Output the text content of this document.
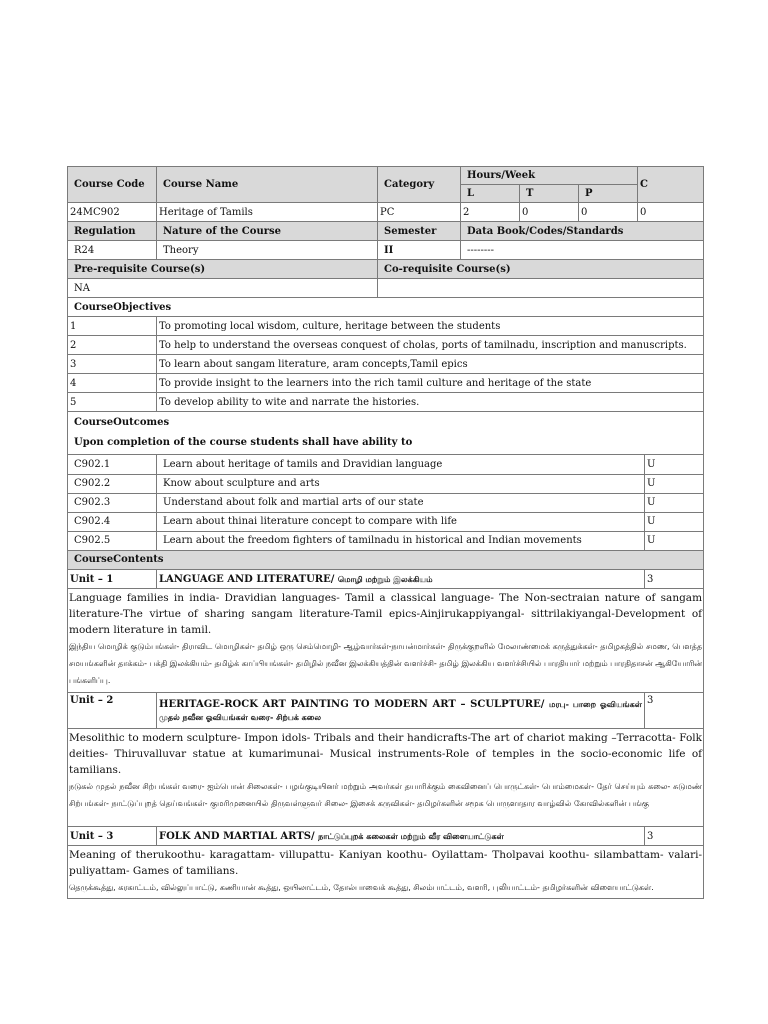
Course Code	Course Name	Category	Hours/Week			C
			L	T	P	
24MC902	Heritage of Tamils	PC	2	0	0	0
Regulation	Nature of the Course	Semester	Data Book/Codes/Standards			
R24	Theory	II	--------			
Pre-requisite Course(s)		Co-requisite Course(s)				
NA						
CourseObjectives						
1	To promoting local wisdom, culture, heritage between the students					
2	To help to understand the overseas conquest of cholas, ports of tamilnadu, inscription and manuscripts.					
3	To learn about sangam literature, aram concepts,Tamil epics					
4	To provide insight to the learners into the rich tamil culture and heritage of the state					
5	To develop ability to wite and narrate the histories.					

CourseOutcomes
Upon completion of the course students shall have ability to						
C902.1	Learn about heritage of tamils and Dravidian language	U
C902.2	Know about sculpture and arts	U
C902.3	Understand about folk and martial arts of our state	U
C902.4	Learn about thinai literature concept to compare with life	U
C902.5	Learn about the freedom fighters of tamilnadu in historical and Indian movements	U
CourseContents		
Unit – 1	LANGUAGE AND LITERATURE/ மொழி மற்றும் இலக்கியம்	3

Language families in india- Dravidian languages- Tamil a classical language- The Non-sectraian nature of sangam literature-The virtue of sharing sangam literature-Tamil epics-Ainjirukappiyangal- sittrilakiyangal-Development of modern literature in tamil.
இந்திய மொழிக் குடும்பங்கள்- திராவிட மொழிகள்- தமிழ் ஒரு செம்மொழி- ஆழ்வார்கள்-நாயன்மார்கள்- திருக்குறளில் மேலாண்மைக் கருத்துக்கள்- தமிழகத்தில் சமண, பௌத்த சமயங்களின் தாக்கம்- பக்தி இலக்கியம்- தமிழ்க் காப்பியங்கள்- தமிழில் நவீன இலக்கியத்தின் வளர்ச்சி- தமிழ் இலக்கிய வளர்ச்சியில் பாரதியார் மற்றும் பாரதிதாசன் ஆகியோரின் பங்களிப்பு.		

Unit – 2	HERITAGE-ROCK ART PAINTING TO MODERN ART – SCULPTURE/ மரபு- பாறை ஓவியங்கள் முதல் நவீன ஓவியங்கள் வரை- சிற்பக் கலை	3

Mesolithic to modern sculpture- Impon idols- Tribals and their handicrafts-The art of chariot making –Terracotta- Folk deities- Thiruvalluvar statue at kumarimunai- Musical instruments-Role of temples in the socio-economic life of tamilians.
நடுகல் முதல் நவீன சிற்பங்கள் வரை- ஐம்பொன் சிலைகள்- பழங்குடியினர் மற்றும் அவர்கள் தயாரிக்கும் கைவினைப் பொருட்கள்- பொம்மைகள்- தேர் செய்யும் கலை- சுடுமண் சிற்பங்கள்- நாட்டுப்புறத் தெய்வங்கள்- குமரிமுனையில் திருவள்ளுவர் சிலை- இசைக் கருவிகள்- தமிழர்களின் சமூக பொருளாதார வாழ்வில் கோவில்களின் பங்கு		

Unit – 3	FOLK AND MARTIAL ARTS/ நாட்டுப்புறக் கலைகள் மற்றும் வீர விளையாட்டுகள்	3

Meaning of therukoothu- karagattam- villupattu- Kaniyan koothu- Oyilattam- Tholpavai koothu- silambattam- valari- puliyattam- Games of tamilians.
தெருக்கூத்து, கரகாட்டம், வில்லுப்பாட்டு, கணியான் கூத்து, ஒயிலாட்டம், தோல்பாவைக் கூத்து, சிலம்பாட்டம், வளரி, புலியாட்டம்- தமிழர்களின் விளையாட்டுகள்.		
